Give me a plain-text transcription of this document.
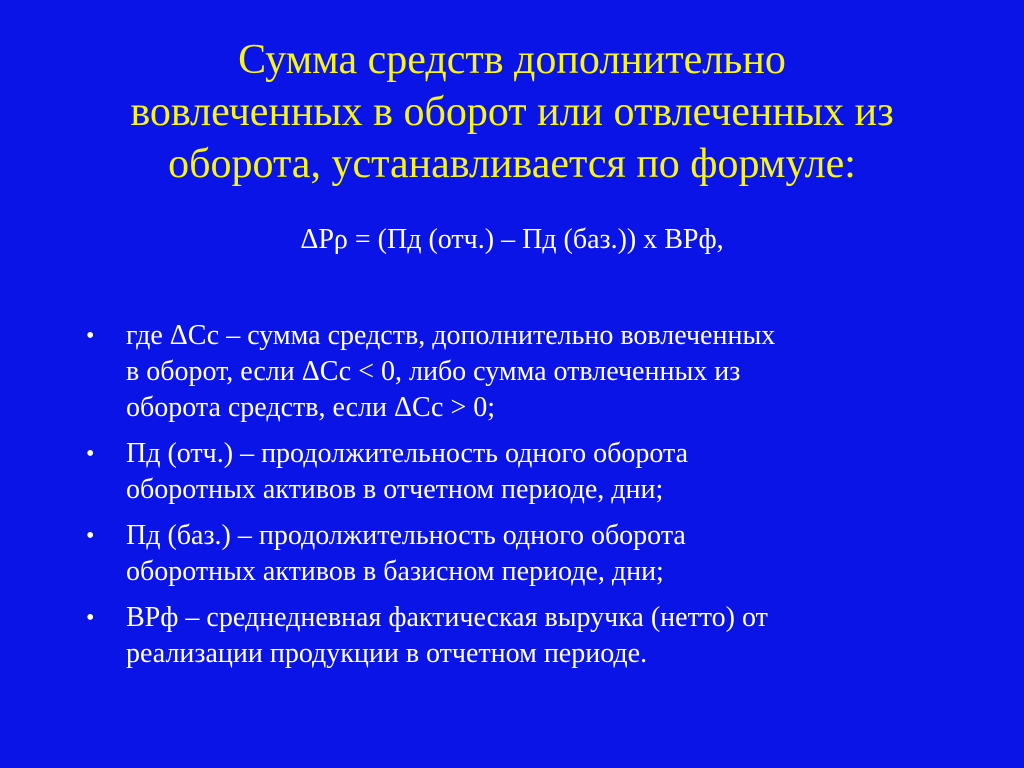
Сумма средств дополнительно
вовлеченных в оборот или отвлеченных из
оборота, устанавливается по формуле:
ΔPρ = (Пд (отч.) – Пд (баз.)) х ВРф,
•	где ΔСс – сумма средств, дополнительно вовлеченных
в оборот, если ΔСс < 0, либо сумма отвлеченных из
оборота средств, если ΔСс > 0;
•	Пд (отч.) – продолжительность одного оборота
оборотных активов в отчетном периоде, дни;
•	Пд (баз.) – продолжительность одного оборота
оборотных активов в базисном периоде, дни;
•	ВРф – среднедневная фактическая выручка (нетто) от
реализации продукции в отчетном периоде.
